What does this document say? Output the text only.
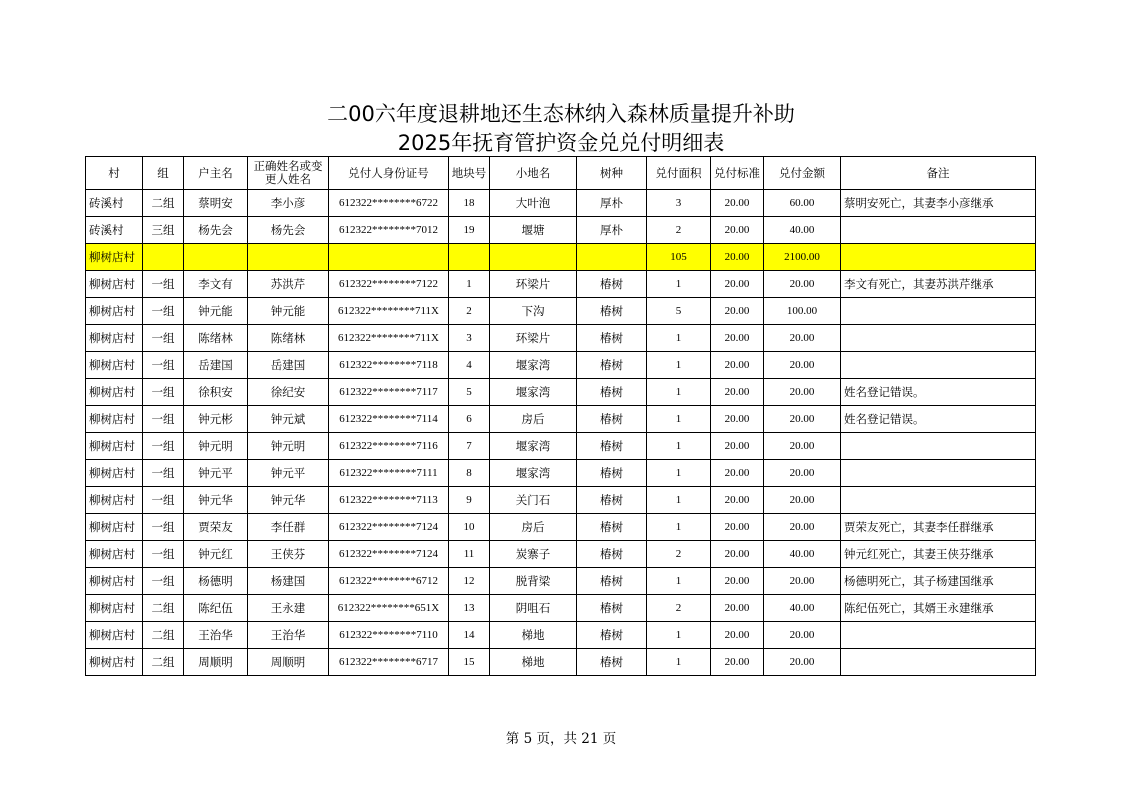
二00六年度退耕地还生态林纳入森林质量提升补助
2025年抚育管护资金兑兑付明细表
村	组	户主名	正确姓名或变更人姓名	兑付人身份证号	地块号	小地名	树种	兑付面积	兑付标准	兑付金额	备注
砖溪村	二组	蔡明安	李小彦	612322********6722	18	大叶泡	厚朴	3	20.00	60.00	蔡明安死亡，其妻李小彦继承
砖溪村	三组	杨先会	杨先会	612322********7012	19	堰塘	厚朴	2	20.00	40.00	
柳树店村								105	20.00	2100.00	
柳树店村	一组	李文有	苏洪芹	612322********7122	1	环梁片	椿树	1	20.00	20.00	李文有死亡，其妻苏洪芹继承
柳树店村	一组	钟元能	钟元能	612322********711X	2	下沟	椿树	5	20.00	100.00	
柳树店村	一组	陈绪林	陈绪林	612322********711X	3	环梁片	椿树	1	20.00	20.00	
柳树店村	一组	岳建国	岳建国	612322********7118	4	堰家湾	椿树	1	20.00	20.00	
柳树店村	一组	徐积安	徐纪安	612322********7117	5	堰家湾	椿树	1	20.00	20.00	姓名登记错误。
柳树店村	一组	钟元彬	钟元斌	612322********7114	6	房后	椿树	1	20.00	20.00	姓名登记错误。
柳树店村	一组	钟元明	钟元明	612322********7116	7	堰家湾	椿树	1	20.00	20.00	
柳树店村	一组	钟元平	钟元平	612322********7111	8	堰家湾	椿树	1	20.00	20.00	
柳树店村	一组	钟元华	钟元华	612322********7113	9	关门石	椿树	1	20.00	20.00	
柳树店村	一组	贾荣友	李任群	612322********7124	10	房后	椿树	1	20.00	20.00	贾荣友死亡，其妻李任群继承
柳树店村	一组	钟元红	王侠芬	612322********7124	11	炭寨子	椿树	2	20.00	40.00	钟元红死亡，其妻王侠芬继承
柳树店村	一组	杨德明	杨建国	612322********6712	12	脱背梁	椿树	1	20.00	20.00	杨德明死亡，其子杨建国继承
柳树店村	二组	陈纪伍	王永建	612322********651X	13	阴咀石	椿树	2	20.00	40.00	陈纪伍死亡，其婿王永建继承
柳树店村	二组	王治华	王治华	612322********7110	14	梯地	椿树	1	20.00	20.00	
柳树店村	二组	周顺明	周顺明	612322********6717	15	梯地	椿树	1	20.00	20.00	
第 5 页，共 21 页
